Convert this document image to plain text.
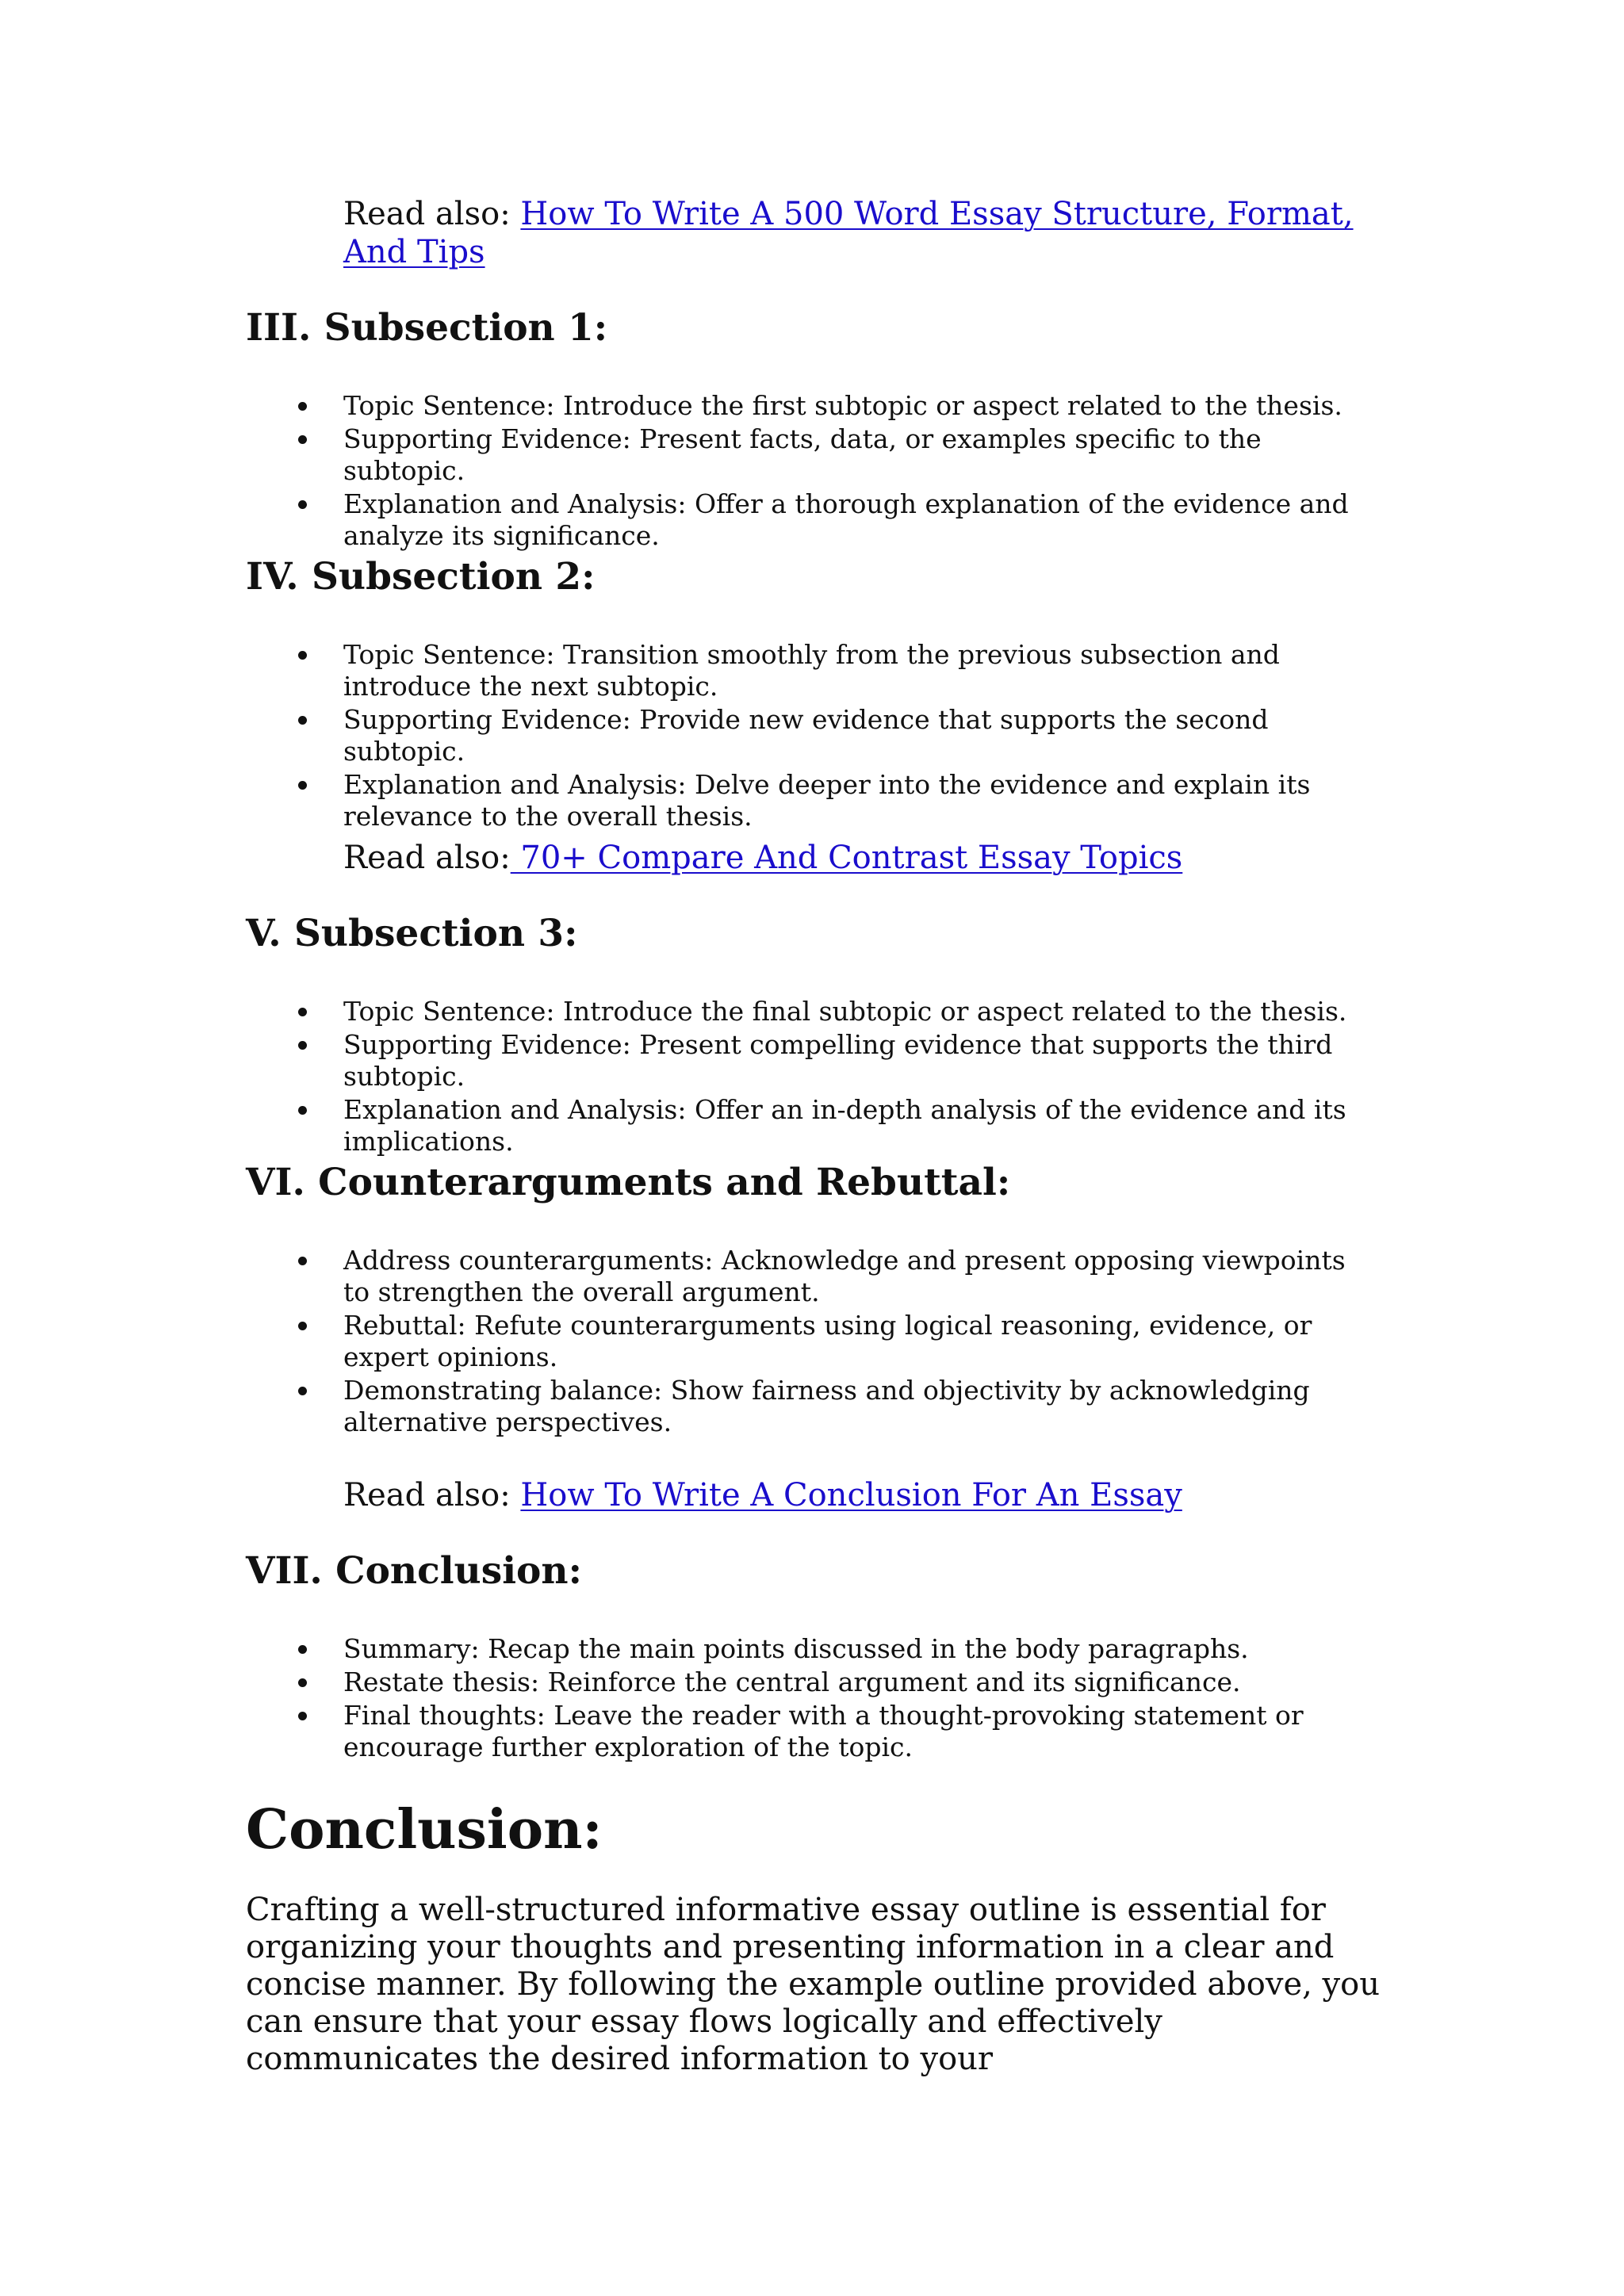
Read also: How To Write A 500 Word Essay Structure, Format,
And Tips
III. Subsection 1:
Topic Sentence: Introduce the first subtopic or aspect related to the thesis.
Supporting Evidence: Present facts, data, or examples specific to the subtopic.
Explanation and Analysis: Offer a thorough explanation of the evidence and analyze its significance.
IV. Subsection 2:
Topic Sentence: Transition smoothly from the previous subsection and introduce the next subtopic.
Supporting Evidence: Provide new evidence that supports the second subtopic.
Explanation and Analysis: Delve deeper into the evidence and explain its relevance to the overall thesis.
Read also: 70+ Compare And Contrast Essay Topics
V. Subsection 3:
Topic Sentence: Introduce the final subtopic or aspect related to the thesis.
Supporting Evidence: Present compelling evidence that supports the third subtopic.
Explanation and Analysis: Offer an in-depth analysis of the evidence and its implications.
VI. Counterarguments and Rebuttal:
Address counterarguments: Acknowledge and present opposing viewpoints to strengthen the overall argument.
Rebuttal: Refute counterarguments using logical reasoning, evidence, or expert opinions.
Demonstrating balance: Show fairness and objectivity by acknowledging alternative perspectives.
Read also: How To Write A Conclusion For An Essay
VII. Conclusion:
Summary: Recap the main points discussed in the body paragraphs.
Restate thesis: Reinforce the central argument and its significance.
Final thoughts: Leave the reader with a thought-provoking statement or encourage further exploration of the topic.
Conclusion:

Crafting a well-structured informative essay outline is essential for organizing your thoughts and presenting information in a clear and concise manner. By following the example outline provided above, you can ensure that your essay flows logically and effectively communicates the desired information to your
